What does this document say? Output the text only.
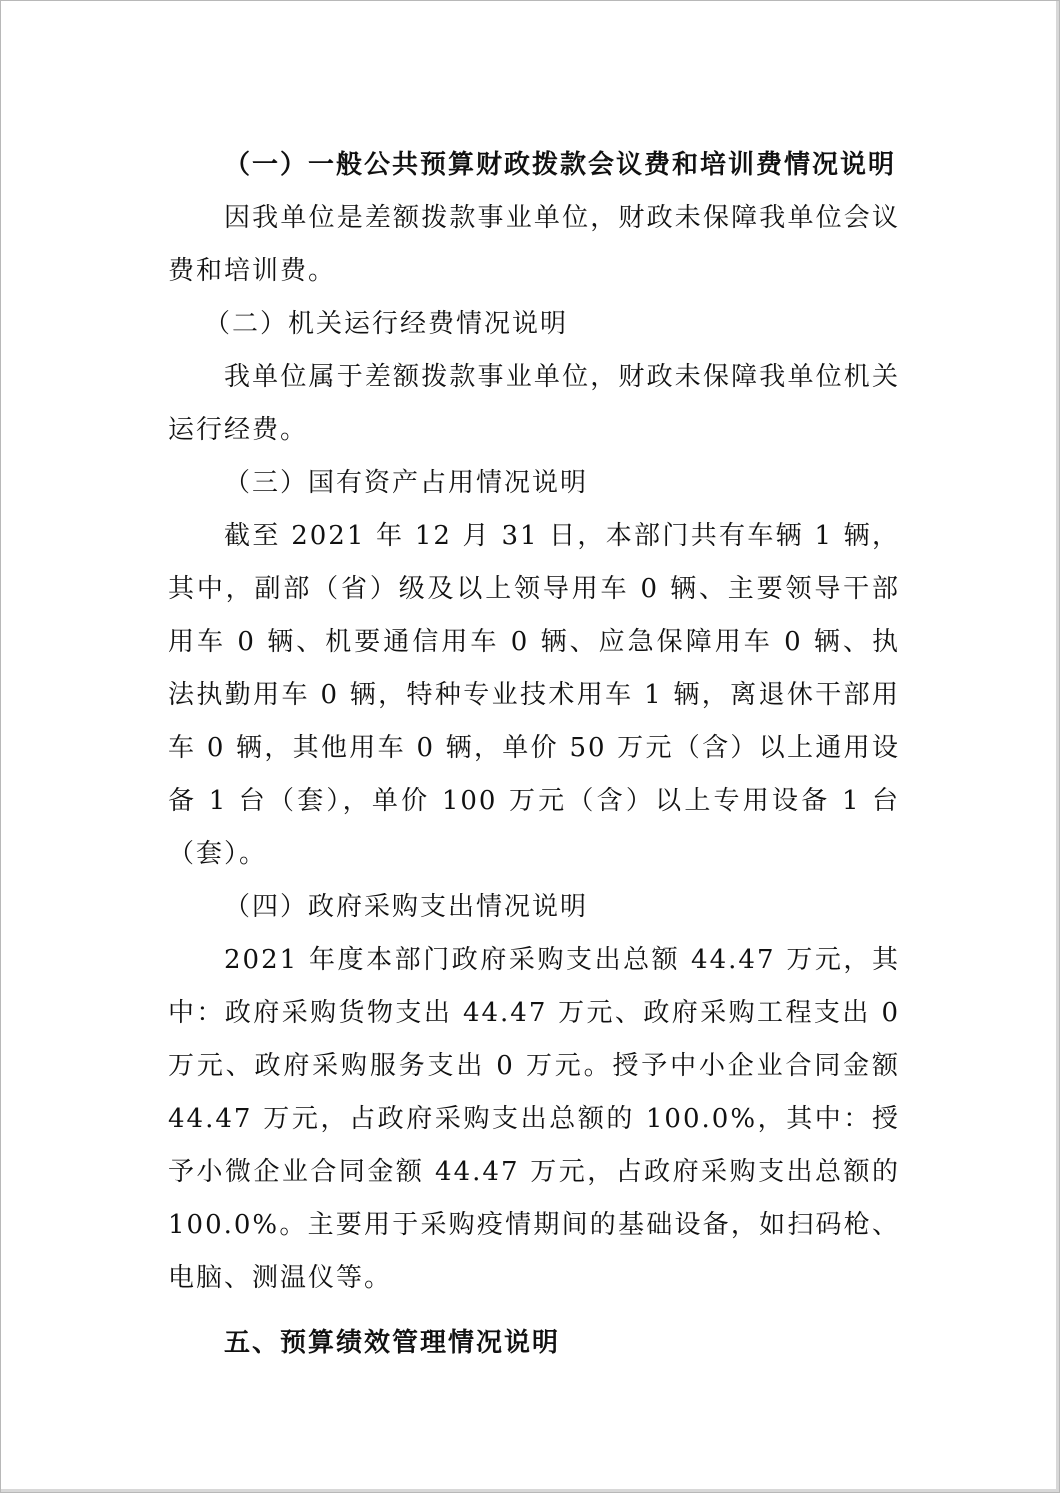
（一）一般公共预算财政拨款会议费和培训费情况说明

因我单位是差额拨款事业单位，财政未保障我单位会议费和培训费。

（二）机关运行经费情况说明

我单位属于差额拨款事业单位，财政未保障我单位机关运行经费。

（三）国有资产占用情况说明

截至 2021 年 12 月 31 日，本部门共有车辆 1 辆，其中，副部（省）级及以上领导用车 0 辆、主要领导干部用车 0 辆、机要通信用车 0 辆、应急保障用车 0 辆、执法执勤用车 0 辆，特种专业技术用车 1 辆，离退休干部用车 0 辆，其他用车 0 辆，单价 50 万元（含）以上通用设备 1 台（套），单价 100 万元（含）以上专用设备 1 台（套）。

（四）政府采购支出情况说明

2021 年度本部门政府采购支出总额 44.47 万元，其中：政府采购货物支出 44.47 万元、政府采购工程支出 0 万元、政府采购服务支出 0 万元。授予中小企业合同金额 44.47 万元，占政府采购支出总额的 100.0%，其中：授予小微企业合同金额 44.47 万元，占政府采购支出总额的 100.0%。主要用于采购疫情期间的基础设备，如扫码枪、电脑、测温仪等。

五、预算绩效管理情况说明
